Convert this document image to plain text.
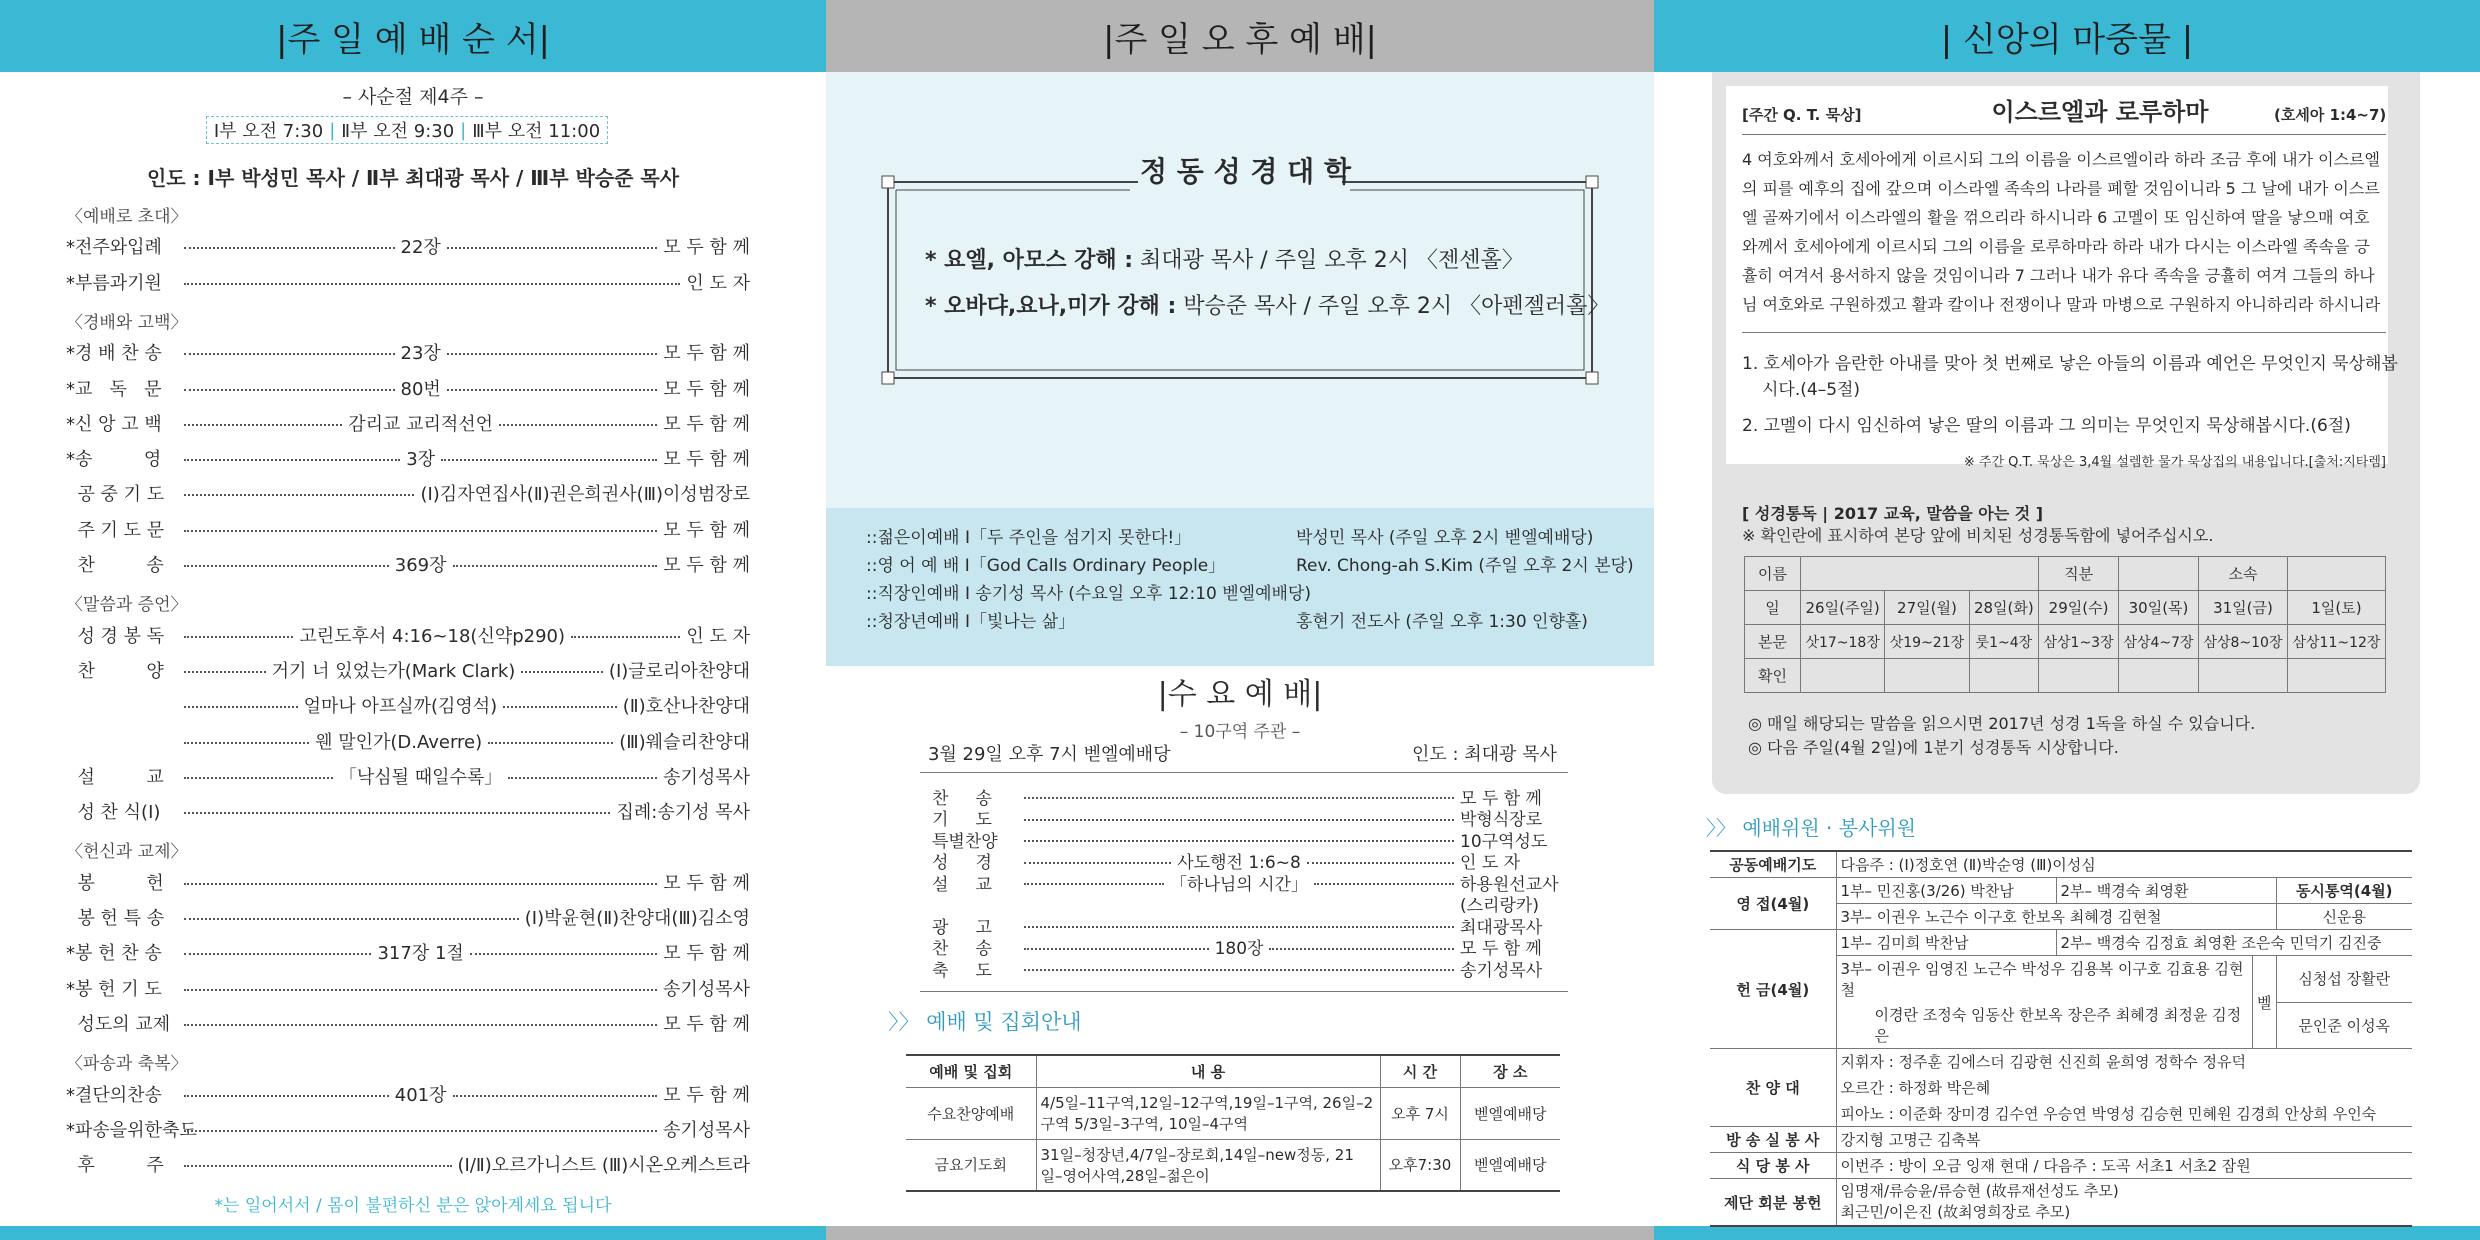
|주 일 예 배 순 서|
– 사순절 제4주 –
Ⅰ부 오전 7:30 | Ⅱ부 오전 9:30 | Ⅲ부 오전 11:00
인도 : Ⅰ부 박성민 목사 / Ⅱ부 최대광 목사 / Ⅲ부 박승준 목사
〈예배로 초대〉
*전주와입례	22장	모 두 함 께
*부름과기원	인 도 자
〈경배와 고백〉
*경 배 찬 송	23장	모 두 함 께
*교   독   문	80번	모 두 함 께
*신 앙 고 백	감리교 교리적선언	모 두 함 께
*송         영	3장	모 두 함 께
공 중 기 도	(Ⅰ)김자연집사(Ⅱ)권은희권사(Ⅲ)이성범장로
주 기 도 문	모 두 함 께
찬         송	369장	모 두 함 께
〈말씀과 증언〉
성 경 봉 독	고린도후서 4:16~18(신약p290)	인 도 자
찬         양	거기 너 있었는가(Mark Clark)	(Ⅰ)글로리아찬양대
얼마나 아프실까(김영석)	(Ⅱ)호산나찬양대
웬 말인가(D.Averre)	(Ⅲ)웨슬리찬양대
설         교	「낙심될 때일수록」	송기성목사
성 찬 식(Ⅰ)	집례:송기성 목사
〈헌신과 교제〉
봉         헌	모 두 함 께
봉 헌 특 송	(Ⅰ)박윤현(Ⅱ)찬양대(Ⅲ)김소영
*봉 헌 찬 송	317장 1절	모 두 함 께
*봉 헌 기 도	송기성목사
성도의 교제	모 두 함 께
〈파송과 축복〉
*결단의찬송	401장	모 두 함 께
*파송을위한축도	송기성목사
후         주	(Ⅰ/Ⅱ)오르가니스트 (Ⅲ)시온오케스트라
*는 일어서서 / 몸이 불편하신 분은 앉아계세요 됩니다
|주 일 오 후 예 배|
정 동 성 경 대 학
* 요엘, 아모스 강해 : 최대광 목사 / 주일 오후 2시 〈젠센홀〉
* 오바댜,요나,미가 강해 : 박승준 목사 / 주일 오후 2시 〈아펜젤러홀〉
::젊은이예배 I「두 주인을 섬기지 못한다!」	박성민 목사 (주일 오후 2시 벧엘예배당)
::영 어 예 배 I「God Calls Ordinary People」	Rev. Chong-ah S.Kim (주일 오후 2시 본당)
::직장인예배 I 송기성 목사 (수요일 오후 12:10 벧엘예배당)
::청장년예배 I「빛나는 삶」	홍현기 전도사 (주일 오후 1:30 인향홀)
|수 요 예 배|
– 10구역 주관 –
3월 29일 오후 7시 벧엘예배당	인도 : 최대광 목사
찬     송	모 두 함 께
기     도	박형식장로
특별찬양	10구역성도
성     경	사도행전 1:6~8	인 도 자
설     교	「하나님의 시간」	하용원선교사
(스리랑카)
광     고	최대광목사
찬     송	180장	모 두 함 께
축     도	송기성목사
〉〉 예배 및 집회안내
예배 및 집회	내 용	시 간	장 소
수요찬양예배	4/5일–11구역,12일–12구역,19일–1구역, 26일–2구역 5/3일–3구역, 10일–4구역	오후 7시	벧엘예배당
금요기도회	31일–청장년,4/7일–장로회,14일–new정동, 21일–영어사역,28일–젊은이	오후7:30	벧엘예배당
| 신앙의 마중물 |
[주간 Q. T. 묵상]	이스르엘과 로루하마	(호세아 1:4~7)
4 여호와께서 호세아에게 이르시되 그의 이름을 이스르엘이라 하라 조금 후에 내가 이스르엘
의 피를 예후의 집에 갚으며 이스라엘 족속의 나라를 폐할 것임이니라 5 그 날에 내가 이스르
엘 골짜기에서 이스라엘의 활을 꺾으리라 하시니라 6 고멜이 또 임신하여 딸을 낳으매 여호
와께서 호세아에게 이르시되 그의 이름을 로루하마라 하라 내가 다시는 이스라엘 족속을 긍
휼히 여겨서 용서하지 않을 것임이니라 7 그러나 내가 유다 족속을 긍휼히 여겨 그들의 하나
님 여호와로 구원하겠고 활과 칼이나 전쟁이나 말과 마병으로 구원하지 아니하리라 하시니라
1. 호세아가 음란한 아내를 맞아 첫 번째로 낳은 아들의 이름과 예언은 무엇인지 묵상해봅
시다.(4–5절)
2. 고멜이 다시 임신하여 낳은 딸의 이름과 그 의미는 무엇인지 묵상해봅시다.(6절)
※ 주간 Q.T. 묵상은 3,4월 설렘한 물가 묵상집의 내용입니다.[출처:지타렘]
[ 성경통독 | 2017 교육, 말씀을 아는 것 ]
※ 확인란에 표시하여 본당 앞에 비치된 성경통독함에 넣어주십시오.
이름				직분		소속	
일	26일(주일)	27일(월)	28일(화)	29일(수)	30일(목)	31일(금)	1일(토)
본문	삿17~18장	삿19~21장	룻1~4장	삼상1~3장	삼상4~7장	삼상8~10장	삼상11~12장
확인							
◎ 매일 해당되는 말씀을 읽으시면 2017년 성경 1독을 하실 수 있습니다.
◎ 다음 주일(4월 2일)에 1분기 성경통독 시상합니다.
〉〉 예배위원 · 봉사위원
공동예배기도	다음주 : (Ⅰ)정호연 (Ⅱ)박순영 (Ⅲ)이성심			
영 접(4월)	1부– 민진홍(3/26) 박찬남	2부– 백경숙 최영환		동시통역(4월)
	3부– 이권우 노근수 이구호 한보옥 최혜경 김현철			신운용
헌 금(4월)	1부– 김미희 박찬남	2부– 백경숙 김정효 최영환 조은숙 민덕기 김진중		
	3부– 이권우 임영진 노근수 박성우 김용복 이구호 김효용 김현철		벨	심청섭 장활란
	이경란 조정숙 임동산 한보옥 장은주 최혜경 최정윤 김정은			문인준 이성옥
찬 양 대	지휘자 : 정주훈 김에스더 김광현 신진희 윤희영 정학수 정유덕			
	오르간 : 하정화 박은혜			
	피아노 : 이준화 장미경 김수연 우승연 박영성 김승현 민혜원 김경희 안상희 우인숙			
방 송 실 봉 사	강지형 고명근 김축복			
식 당 봉 사	이번주 : 방이 오금 잉재 현대 / 다음주 : 도곡 서초1 서초2 잠원			
제단 회분 봉헌	임명재/류승윤/류승현 (故류재선성도 추모)
최근민/이은진 (故최영희장로 추모)			
